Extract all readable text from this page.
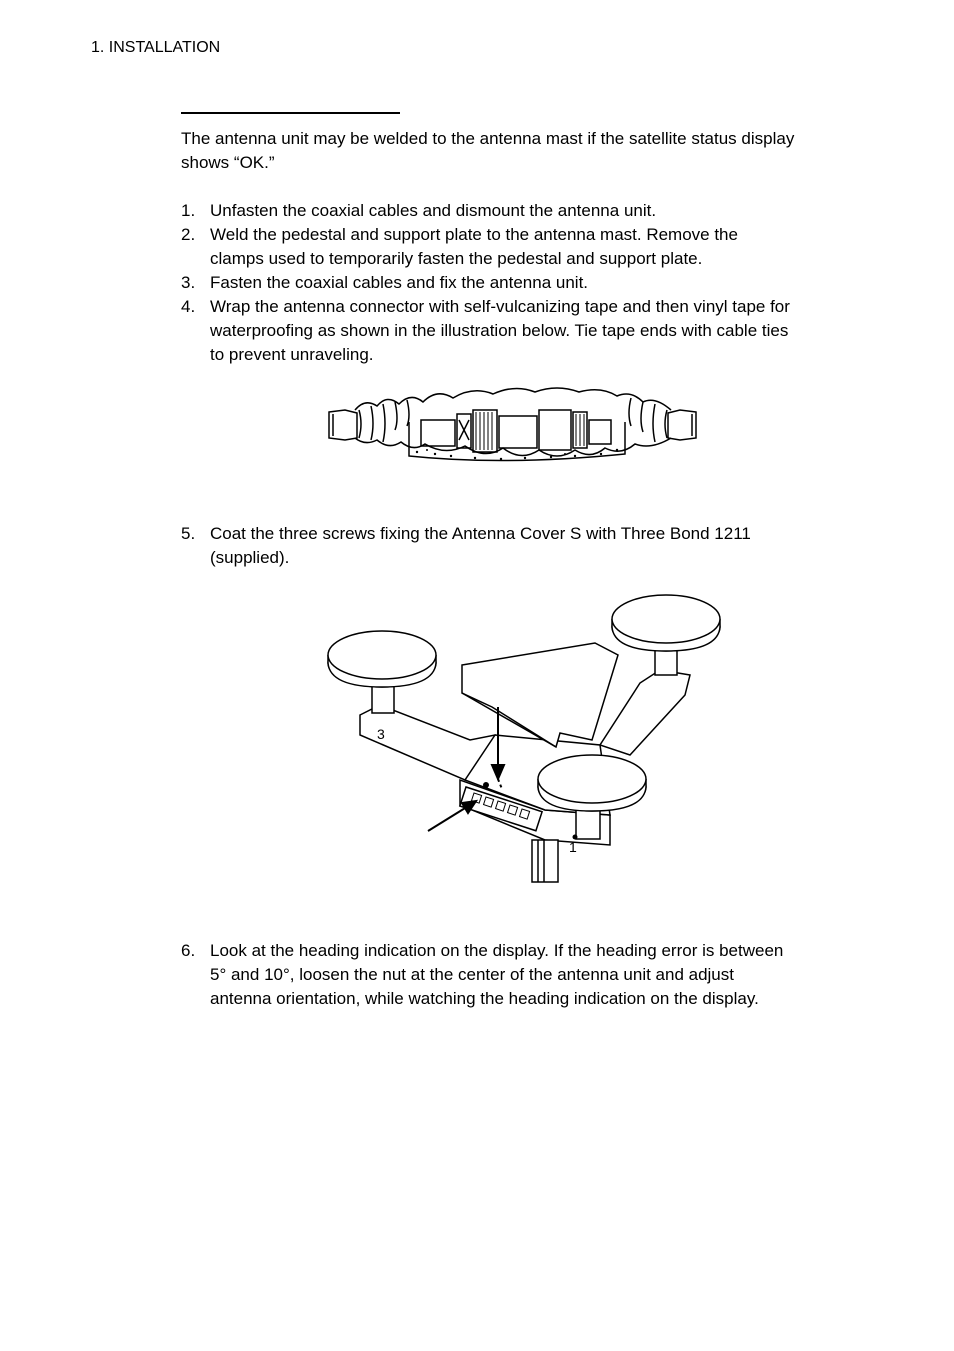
1. INSTALLATION
The antenna unit may be welded to the antenna mast if the satellite status display shows “OK.”
1. Unfasten the coaxial cables and dismount the antenna unit.
2. Weld the pedestal and support plate to the antenna mast. Remove the
clamps used to temporarily fasten the pedestal and support plate.
3. Fasten the coaxial cables and fix the antenna unit.
4. Wrap the antenna connector with self-vulcanizing tape and then vinyl tape for
waterproofing as shown in the illustration below. Tie tape ends with cable ties
to prevent unraveling.
5. Coat the three screws fixing the Antenna Cover S with Three Bond 1211
(supplied).
3
1
6. Look at the heading indication on the display. If the heading error is between
5° and 10°, loosen the nut at the center of the antenna unit and adjust
antenna orientation, while watching the heading indication on the display.
